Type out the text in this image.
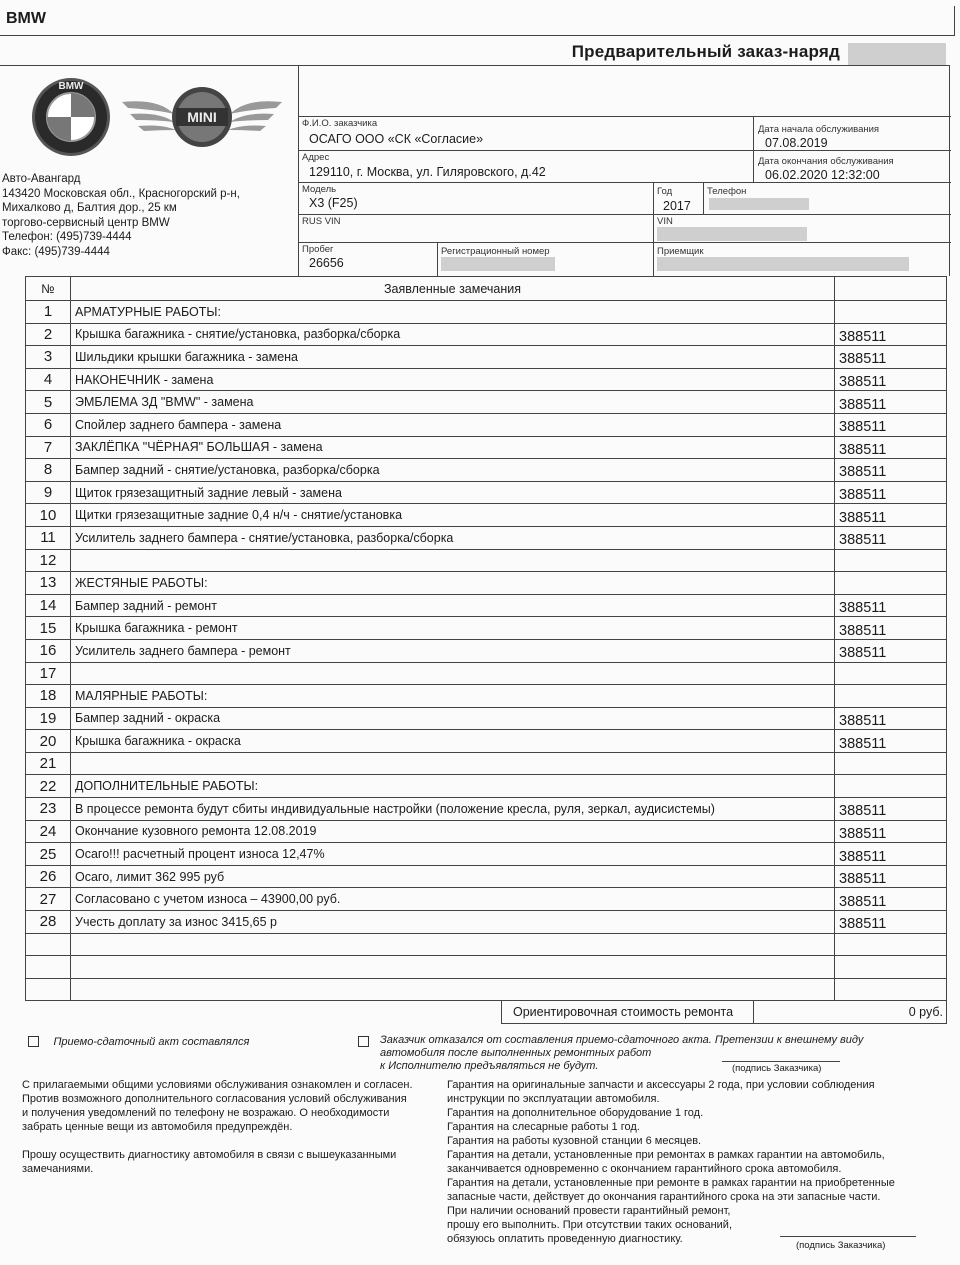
BMW
Предварительный заказ-наряд
BMW
MINI
Авто-Авангард
143420 Московская обл., Красногорский р-н,
Михалково д, Балтия дор., 25 км
торгово-сервисный центр BMW
Телефон: (495)739-4444
Факс: (495)739-4444
Ф.И.О. заказчика
ОСАГО ООО «СК «Согласие»
Дата начала обслуживания
07.08.2019
Адрес
129110, г. Москва, ул. Гиляровского, д.42
Дата окончания обслуживания
06.02.2020 12:32:00
Модель
X3 (F25)
Год
2017
Телефон
RUS VIN	VIN
Пробег
26656
Регистрационный номер	Приемщик
№	Заявленные замечания	
1	АРМАТУРНЫЕ РАБОТЫ:	
2	Крышка багажника - снятие/установка, разборка/сборка	388511
3	Шильдики крышки багажника - замена	388511
4	НАКОНЕЧНИК - замена	388511
5	ЭМБЛЕМА ЗД "BMW" - замена	388511
6	Спойлер заднего бампера - замена	388511
7	ЗАКЛЁПКА "ЧЁРНАЯ" БОЛЬШАЯ - замена	388511
8	Бампер задний - снятие/установка, разборка/сборка	388511
9	Щиток грязезащитный задние левый - замена	388511
10	Щитки грязезащитные задние 0,4 н/ч - снятие/установка	388511
11	Усилитель заднего бампера - снятие/установка, разборка/сборка	388511
12		
13	ЖЕСТЯНЫЕ РАБОТЫ:	
14	Бампер задний - ремонт	388511
15	Крышка багажника - ремонт	388511
16	Усилитель заднего бампера - ремонт	388511
17		
18	МАЛЯРНЫЕ РАБОТЫ:	
19	Бампер задний - окраска	388511
20	Крышка багажника - окраска	388511
21		
22	ДОПОЛНИТЕЛЬНЫЕ РАБОТЫ:	
23	В процессе ремонта будут сбиты индивидуальные настройки (положение кресла, руля, зеркал, аудисистемы)	388511
24	Окончание кузовного ремонта 12.08.2019	388511
25	Осаго!!! расчетный процент износа 12,47%	388511
26	Осаго, лимит 362 995 руб	388511
27	Согласовано с учетом износа – 43900,00 руб.	388511
28	Учесть доплату за износ 3415,65 р	388511

Ориентировочная стоимость ремонта	0 руб.
Приемо-сдаточный акт составлялся	Заказчик отказался от составления приемо-сдаточного акта. Претензии к внешнему виду
автомобиля после выполненных ремонтных работ
к Исполнителю предъявляться не будут.	(подпись Заказчика)
С прилагаемыми общими условиями обслуживания ознакомлен и согласен.
Против возможного дополнительного согласования условий обслуживания
и получения уведомлений по телефону не возражаю. О необходимости
забрать ценные вещи из автомобиля предупреждён.
Прошу осуществить диагностику автомобиля в связи с вышеуказанными
замечаниями.
Гарантия на оригинальные запчасти и аксессуары 2 года, при условии соблюдения
инструкции по эксплуатации автомобиля.
Гарантия на дополнительное оборудование 1 год.
Гарантия на слесарные работы 1 год.
Гарантия на работы кузовной станции 6 месяцев.
Гарантия на детали, установленные при ремонтах в рамках гарантии на автомобиль,
заканчивается одновременно с окончанием гарантийного срока автомобиля.
Гарантия на детали, установленные при ремонте в рамках гарантии на приобретенные
запасные части, действует до окончания гарантийного срока на эти запасные части.
При наличии оснований провести гарантийный ремонт,
прошу его выполнить. При отсутствии таких оснований,
обязуюсь оплатить проведенную диагностику.
(подпись Заказчика)
